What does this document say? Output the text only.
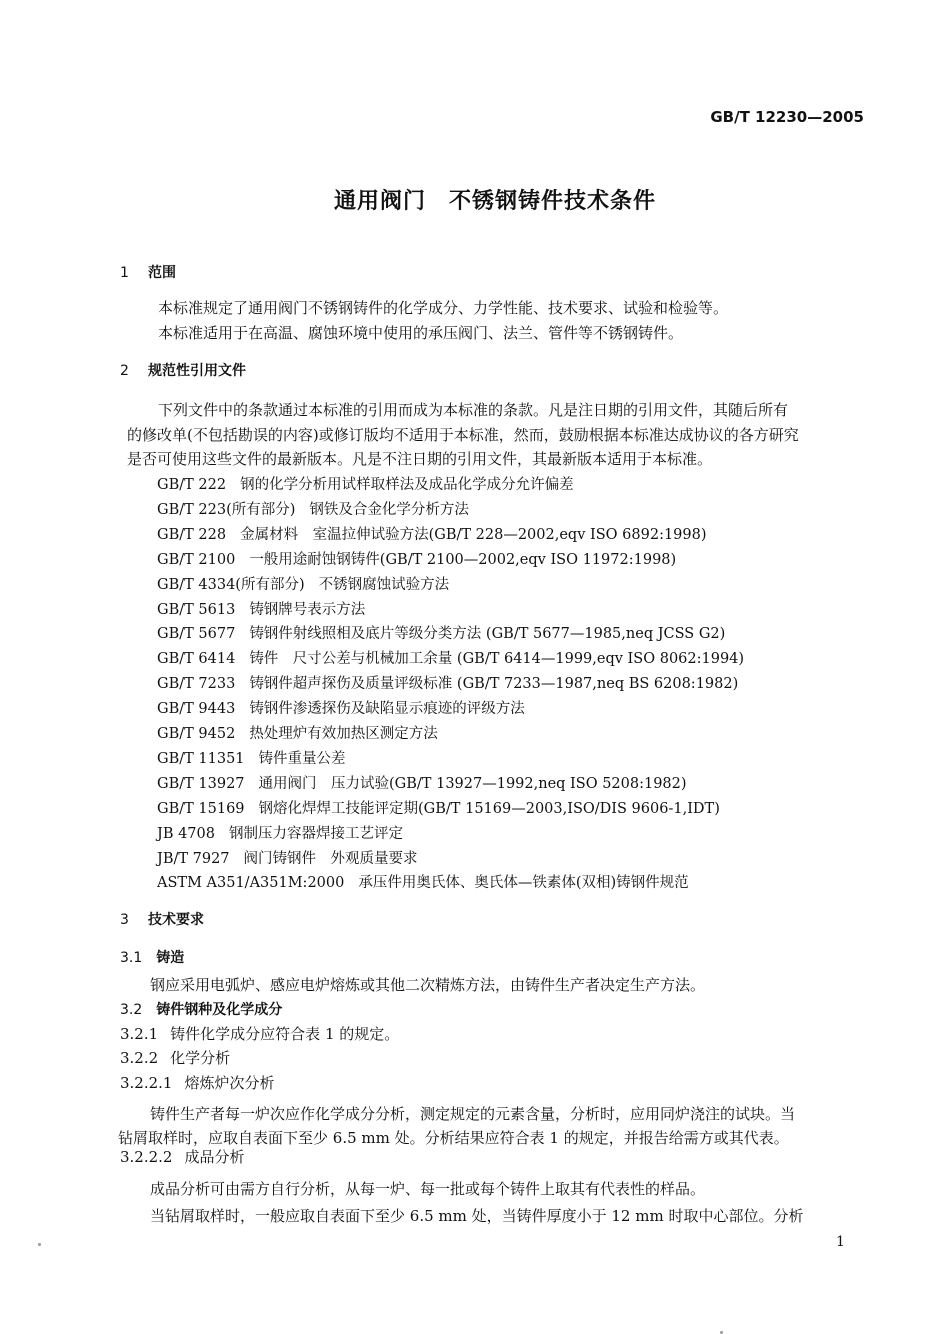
GB/T 12230—2005
通用阀门　不锈钢铸件技术条件
1 范围
本标准规定了通用阀门不锈钢铸件的化学成分、力学性能、技术要求、试验和检验等。
本标准适用于在高温、腐蚀环境中使用的承压阀门、法兰、管件等不锈钢铸件。
2 规范性引用文件
下列文件中的条款通过本标准的引用而成为本标准的条款。凡是注日期的引用文件，其随后所有
的修改单(不包括勘误的内容)或修订版均不适用于本标准，然而，鼓励根据本标准达成协议的各方研究
是否可使用这些文件的最新版本。凡是不注日期的引用文件，其最新版本适用于本标准。
GB/T 222 钢的化学分析用试样取样法及成品化学成分允许偏差
GB/T 223(所有部分) 钢铁及合金化学分析方法
GB/T 228 金属材料　室温拉伸试验方法(GB/T 228—2002,eqv ISO 6892:1998)
GB/T 2100 一般用途耐蚀钢铸件(GB/T 2100—2002,eqv ISO 11972:1998)
GB/T 4334(所有部分) 不锈钢腐蚀试验方法
GB/T 5613 铸钢牌号表示方法
GB/T 5677 铸钢件射线照相及底片等级分类方法 (GB/T 5677—1985,neq JCSS G2)
GB/T 6414 铸件　尺寸公差与机械加工余量 (GB/T 6414—1999,eqv ISO 8062:1994)
GB/T 7233 铸钢件超声探伤及质量评级标准 (GB/T 7233—1987,neq BS 6208:1982)
GB/T 9443 铸钢件渗透探伤及缺陷显示痕迹的评级方法
GB/T 9452 热处理炉有效加热区测定方法
GB/T 11351 铸件重量公差
GB/T 13927 通用阀门　压力试验(GB/T 13927—1992,neq ISO 5208:1982)
GB/T 15169 钢熔化焊焊工技能评定期(GB/T 15169—2003,ISO/DIS 9606-1,IDT)
JB 4708 钢制压力容器焊接工艺评定
JB/T 7927 阀门铸钢件　外观质量要求
ASTM A351/A351M:2000 承压件用奥氏体、奥氏体—铁素体(双相)铸钢件规范
3 技术要求
3.1 铸造
钢应采用电弧炉、感应电炉熔炼或其他二次精炼方法，由铸件生产者决定生产方法。
3.2 铸件钢种及化学成分
3.2.1 铸件化学成分应符合表 1 的规定。
3.2.2 化学分析
3.2.2.1 熔炼炉次分析
铸件生产者每一炉次应作化学成分分析，测定规定的元素含量，分析时，应用同炉浇注的试块。当
钻屑取样时，应取自表面下至少 6.5 mm 处。分析结果应符合表 1 的规定，并报告给需方或其代表。
3.2.2.2 成品分析
成品分析可由需方自行分析，从每一炉、每一批或每个铸件上取其有代表性的样品。
当钻屑取样时，一般应取自表面下至少 6.5 mm 处，当铸件厚度小于 12 mm 时取中心部位。分析
1
